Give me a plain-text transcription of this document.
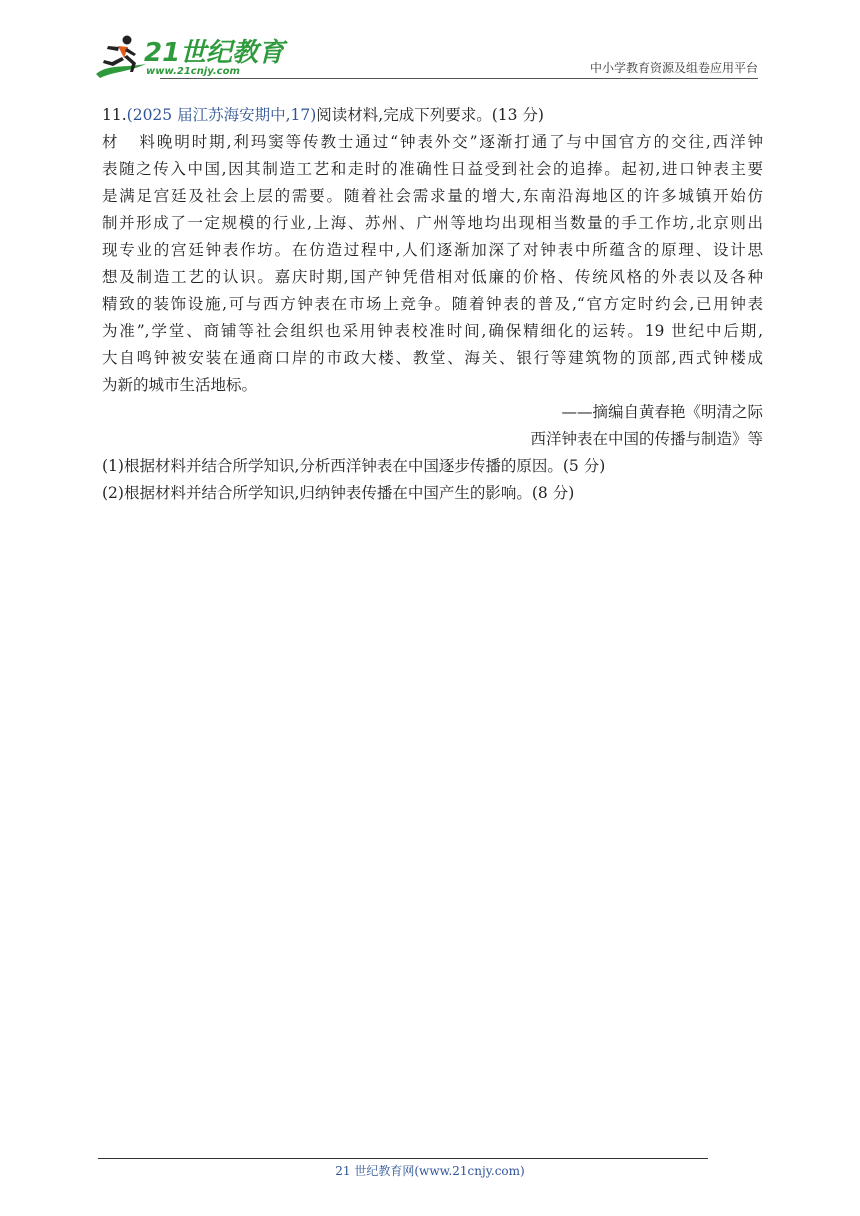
21世纪教育
www.21cnjy.com	中小学教育资源及组卷应用平台

11.(2025 届江苏海安期中,17)阅读材料,完成下列要求。(13 分)

材料晚明时期,利玛窦等传教士通过“钟表外交”逐渐打通了与中国官方的交往,西洋钟

表随之传入中国,因其制造工艺和走时的准确性日益受到社会的追捧。起初,进口钟表主要

是满足宫廷及社会上层的需要。随着社会需求量的增大,东南沿海地区的许多城镇开始仿

制并形成了一定规模的行业,上海、苏州、广州等地均出现相当数量的手工作坊,北京则出

现专业的宫廷钟表作坊。在仿造过程中,人们逐渐加深了对钟表中所蕴含的原理、设计思

想及制造工艺的认识。嘉庆时期,国产钟凭借相对低廉的价格、传统风格的外表以及各种

精致的装饰设施,可与西方钟表在市场上竞争。随着钟表的普及,“官方定时约会,已用钟表

为准”,学堂、商铺等社会组织也采用钟表校准时间,确保精细化的运转。19 世纪中后期,

大自鸣钟被安装在通商口岸的市政大楼、教堂、海关、银行等建筑物的顶部,西式钟楼成

为新的城市生活地标。

——摘编自黄春艳《明清之际

西洋钟表在中国的传播与制造》等

(1)根据材料并结合所学知识,分析西洋钟表在中国逐步传播的原因。(5 分)

(2)根据材料并结合所学知识,归纳钟表传播在中国产生的影响。(8 分)

21 世纪教育网(www.21cnjy.com)
